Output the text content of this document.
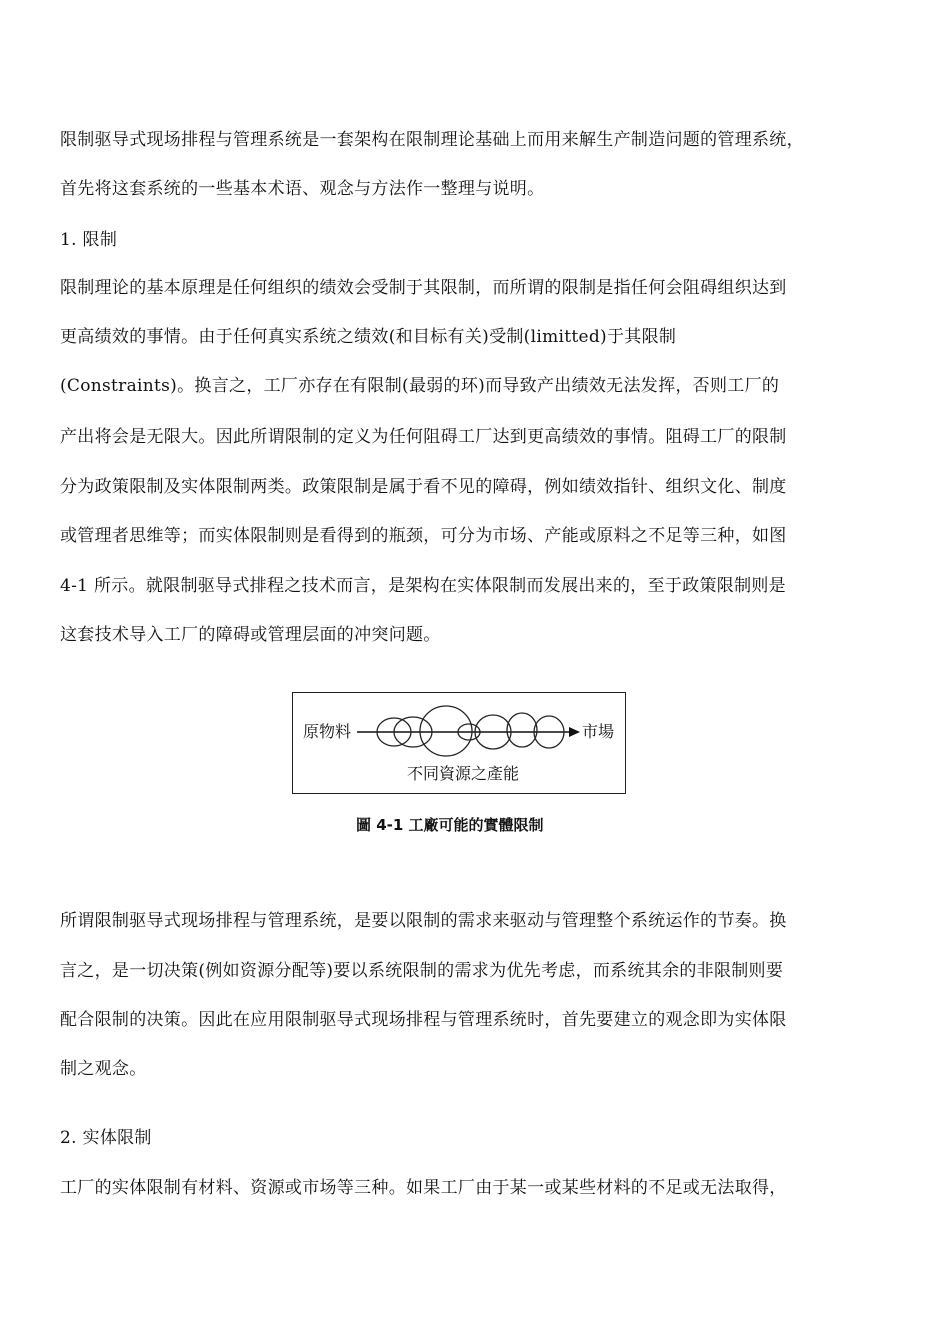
限制驱导式现场排程与管理系统是一套架构在限制理论基础上而用来解生产制造问题的管理系统，
首先将这套系统的一些基本术语、观念与方法作一整理与说明。
1. 限制
限制理论的基本原理是任何组织的绩效会受制于其限制，而所谓的限制是指任何会阻碍组织达到
更高绩效的事情。由于任何真实系统之绩效(和目标有关)受制(limitted)于其限制
(Constraints)。换言之，工厂亦存在有限制(最弱的环)而导致产出绩效无法发挥，否则工厂的
产出将会是无限大。因此所谓限制的定义为任何阻碍工厂达到更高绩效的事情。阻碍工厂的限制
分为政策限制及实体限制两类。政策限制是属于看不见的障碍，例如绩效指针、组织文化、制度
或管理者思维等；而实体限制则是看得到的瓶颈，可分为市场、产能或原料之不足等三种，如图
4-1 所示。就限制驱导式排程之技术而言，是架构在实体限制而发展出来的，至于政策限制则是
这套技术导入工厂的障碍或管理层面的冲突问题。
原物料	市場
不同資源之產能
圖 4-1 工廠可能的實體限制
所谓限制驱导式现场排程与管理系统，是要以限制的需求来驱动与管理整个系统运作的节奏。换
言之，是一切决策(例如资源分配等)要以系统限制的需求为优先考虑，而系统其余的非限制则要
配合限制的决策。因此在应用限制驱导式现场排程与管理系统时，首先要建立的观念即为实体限
制之观念。
2. 实体限制
工厂的实体限制有材料、资源或市场等三种。如果工厂由于某一或某些材料的不足或无法取得，
